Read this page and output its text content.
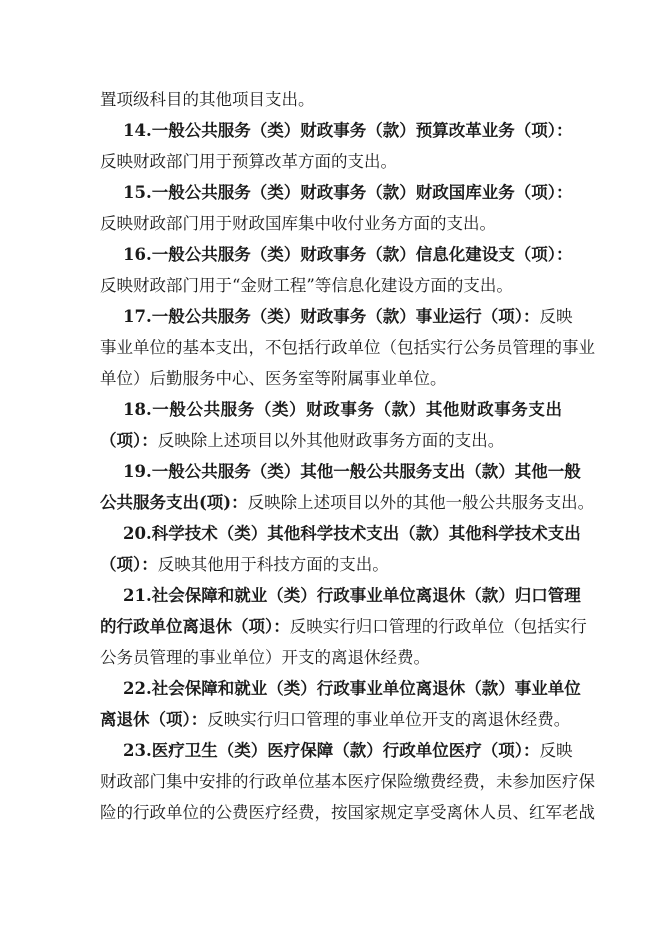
置项级科目的其他项目支出。
14.一般公共服务（类）财政事务（款）预算改革业务（项）：
反映财政部门用于预算改革方面的支出。
15.一般公共服务（类）财政事务（款）财政国库业务（项）：
反映财政部门用于财政国库集中收付业务方面的支出。
16.一般公共服务（类）财政事务（款）信息化建设支（项）：
反映财政部门用于“金财工程”等信息化建设方面的支出。
17.一般公共服务（类）财政事务（款）事业运行（项）：反映
事业单位的基本支出，不包括行政单位（包括实行公务员管理的事业
单位）后勤服务中心、医务室等附属事业单位。
18.一般公共服务（类）财政事务（款）其他财政事务支出
（项）：反映除上述项目以外其他财政事务方面的支出。
19.一般公共服务（类）其他一般公共服务支出（款）其他一般
公共服务支出(项)：反映除上述项目以外的其他一般公共服务支出。
20.科学技术（类）其他科学技术支出（款）其他科学技术支出
（项）：反映其他用于科技方面的支出。
21.社会保障和就业（类）行政事业单位离退休（款）归口管理
的行政单位离退休（项）：反映实行归口管理的行政单位（包括实行
公务员管理的事业单位）开支的离退休经费。
22.社会保障和就业（类）行政事业单位离退休（款）事业单位
离退休（项）：反映实行归口管理的事业单位开支的离退休经费。
23.医疗卫生（类）医疗保障（款）行政单位医疗（项）：反映
财政部门集中安排的行政单位基本医疗保险缴费经费，未参加医疗保
险的行政单位的公费医疗经费，按国家规定享受离休人员、红军老战
